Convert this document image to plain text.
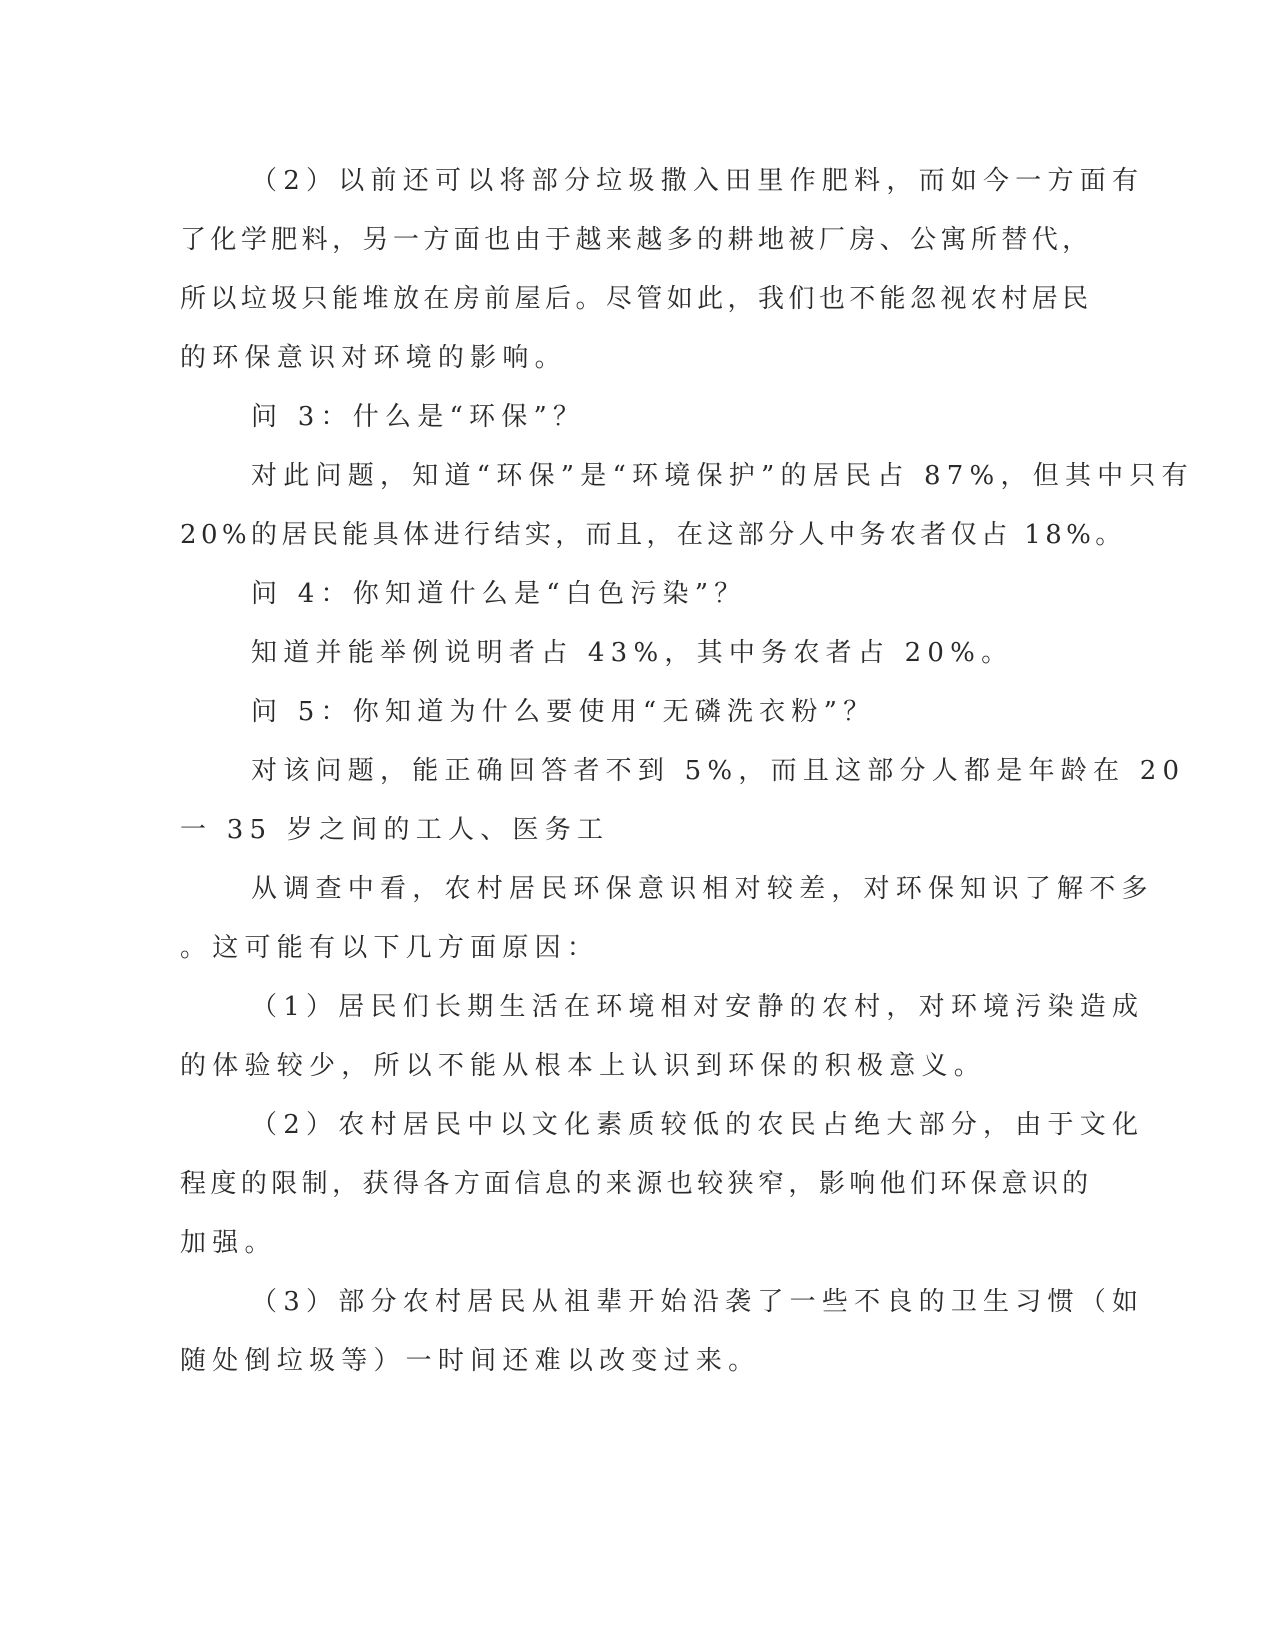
（2）以前还可以将部分垃圾撒入田里作肥料，而如今一方面有
了化学肥料，另一方面也由于越来越多的耕地被厂房、公寓所替代，
所以垃圾只能堆放在房前屋后。尽管如此，我们也不能忽视农村居民
的环保意识对环境的影响。
问 3：什么是“环保”？
对此问题，知道“环保”是“环境保护”的居民占 87%，但其中只有
20%的居民能具体进行结实，而且，在这部分人中务农者仅占 18%。
问 4：你知道什么是“白色污染”？
知道并能举例说明者占 43%，其中务农者占 20%。
问 5：你知道为什么要使用“无磷洗衣粉”？
对该问题，能正确回答者不到 5%，而且这部分人都是年龄在 20
一 35 岁之间的工人、医务工
从调查中看，农村居民环保意识相对较差，对环保知识了解不多
。这可能有以下几方面原因：
（1）居民们长期生活在环境相对安静的农村，对环境污染造成
的体验较少，所以不能从根本上认识到环保的积极意义。
（2）农村居民中以文化素质较低的农民占绝大部分，由于文化
程度的限制，获得各方面信息的来源也较狭窄，影响他们环保意识的
加强。
（3）部分农村居民从祖辈开始沿袭了一些不良的卫生习惯（如
随处倒垃圾等）一时间还难以改变过来。
